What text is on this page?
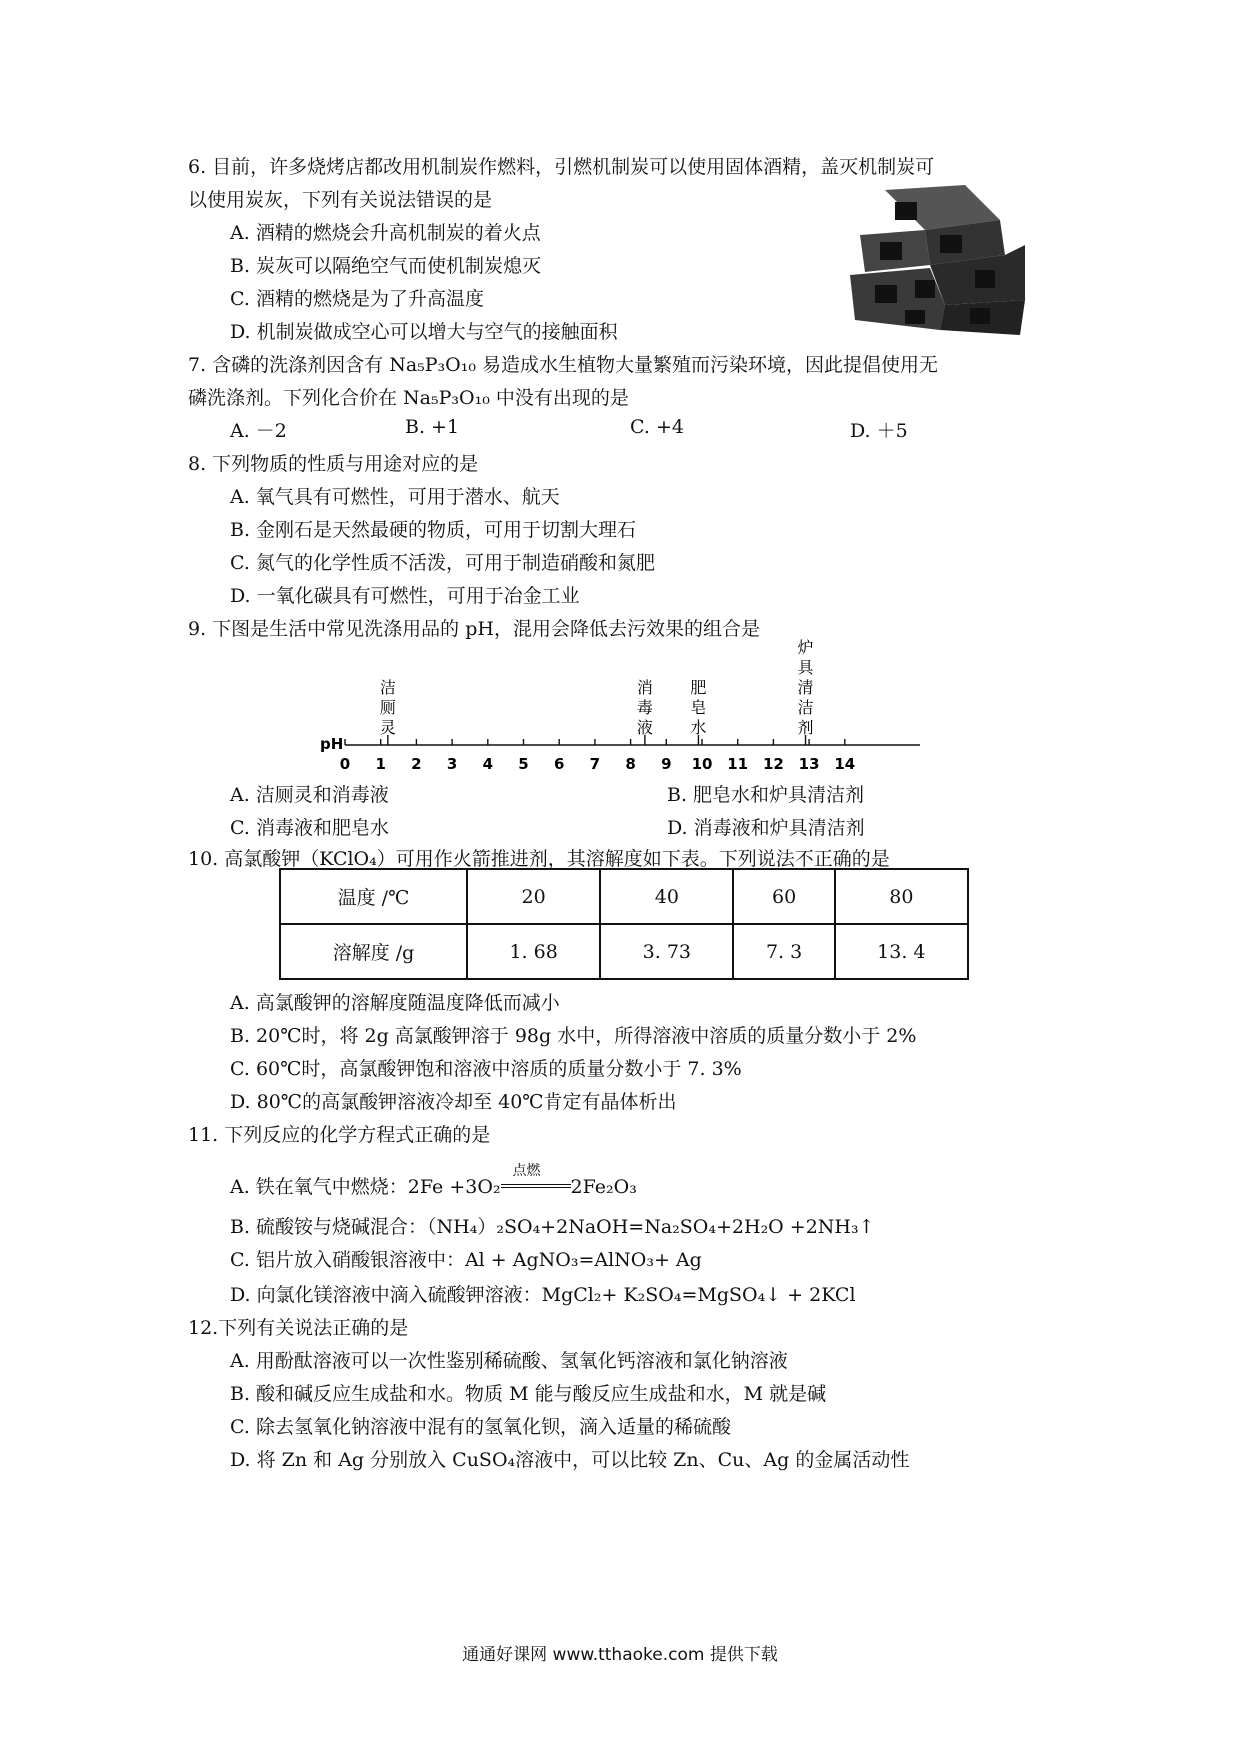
6. 目前，许多烧烤店都改用机制炭作燃料，引燃机制炭可以使用固体酒精，盖灭机制炭可
以使用炭灰，下列有关说法错误的是
A. 酒精的燃烧会升高机制炭的着火点
B. 炭灰可以隔绝空气而使机制炭熄灭
C. 酒精的燃烧是为了升高温度
D. 机制炭做成空心可以增大与空气的接触面积
7. 含磷的洗涤剂因含有 Na₅P₃O₁₀ 易造成水生植物大量繁殖而污染环境，因此提倡使用无
磷洗涤剂。下列化合价在 Na₅P₃O₁₀ 中没有出现的是
A. －2	B. +1	C. +4	D. ＋5
8. 下列物质的性质与用途对应的是
A. 氧气具有可燃性，可用于潜水、航天
B. 金刚石是天然最硬的物质，可用于切割大理石
C. 氮气的化学性质不活泼，可用于制造硝酸和氮肥
D. 一氧化碳具有可燃性，可用于冶金工业
9. 下图是生活中常见洗涤用品的 pH，混用会降低去污效果的组合是
pH
0 1 2 3 4 5 6 7 8 9 10 11 12 13 14
洁
厕
灵
消
毒
液
肥
皂
水
炉
具
清
洁
剂
A. 洁厕灵和消毒液	B. 肥皂水和炉具清洁剂
C. 消毒液和肥皂水	D. 消毒液和炉具清洁剂
10. 高氯酸钾（KClO₄）可用作火箭推进剂，其溶解度如下表。下列说法不正确的是
温度 /℃	20	40	60	80
溶解度 /g	1. 68	3. 73	7. 3	13. 4
A. 高氯酸钾的溶解度随温度降低而减小
B. 20℃时，将 2g 高氯酸钾溶于 98g 水中，所得溶液中溶质的质量分数小于 2%
C. 60℃时，高氯酸钾饱和溶液中溶质的质量分数小于 7. 3%
D. 80℃的高氯酸钾溶液冷却至 40℃肯定有晶体析出
11. 下列反应的化学方程式正确的是
A. 铁在氧气中燃烧：2Fe +3O₂
点燃
2Fe₂O₃
B. 硫酸铵与烧碱混合：（NH₄）₂SO₄+2NaOH=Na₂SO₄+2H₂O +2NH₃↑
C. 铝片放入硝酸银溶液中：Al + AgNO₃=AlNO₃+ Ag
D. 向氯化镁溶液中滴入硫酸钾溶液：MgCl₂+ K₂SO₄=MgSO₄↓ + 2KCl
12.下列有关说法正确的是
A. 用酚酞溶液可以一次性鉴别稀硫酸、氢氧化钙溶液和氯化钠溶液
B. 酸和碱反应生成盐和水。物质 M 能与酸反应生成盐和水，M 就是碱
C. 除去氢氧化钠溶液中混有的氢氧化钡，滴入适量的稀硫酸
D. 将 Zn 和 Ag 分别放入 CuSO₄溶液中，可以比较 Zn、Cu、Ag 的金属活动性
通通好课网 www.tthaoke.com 提供下载
